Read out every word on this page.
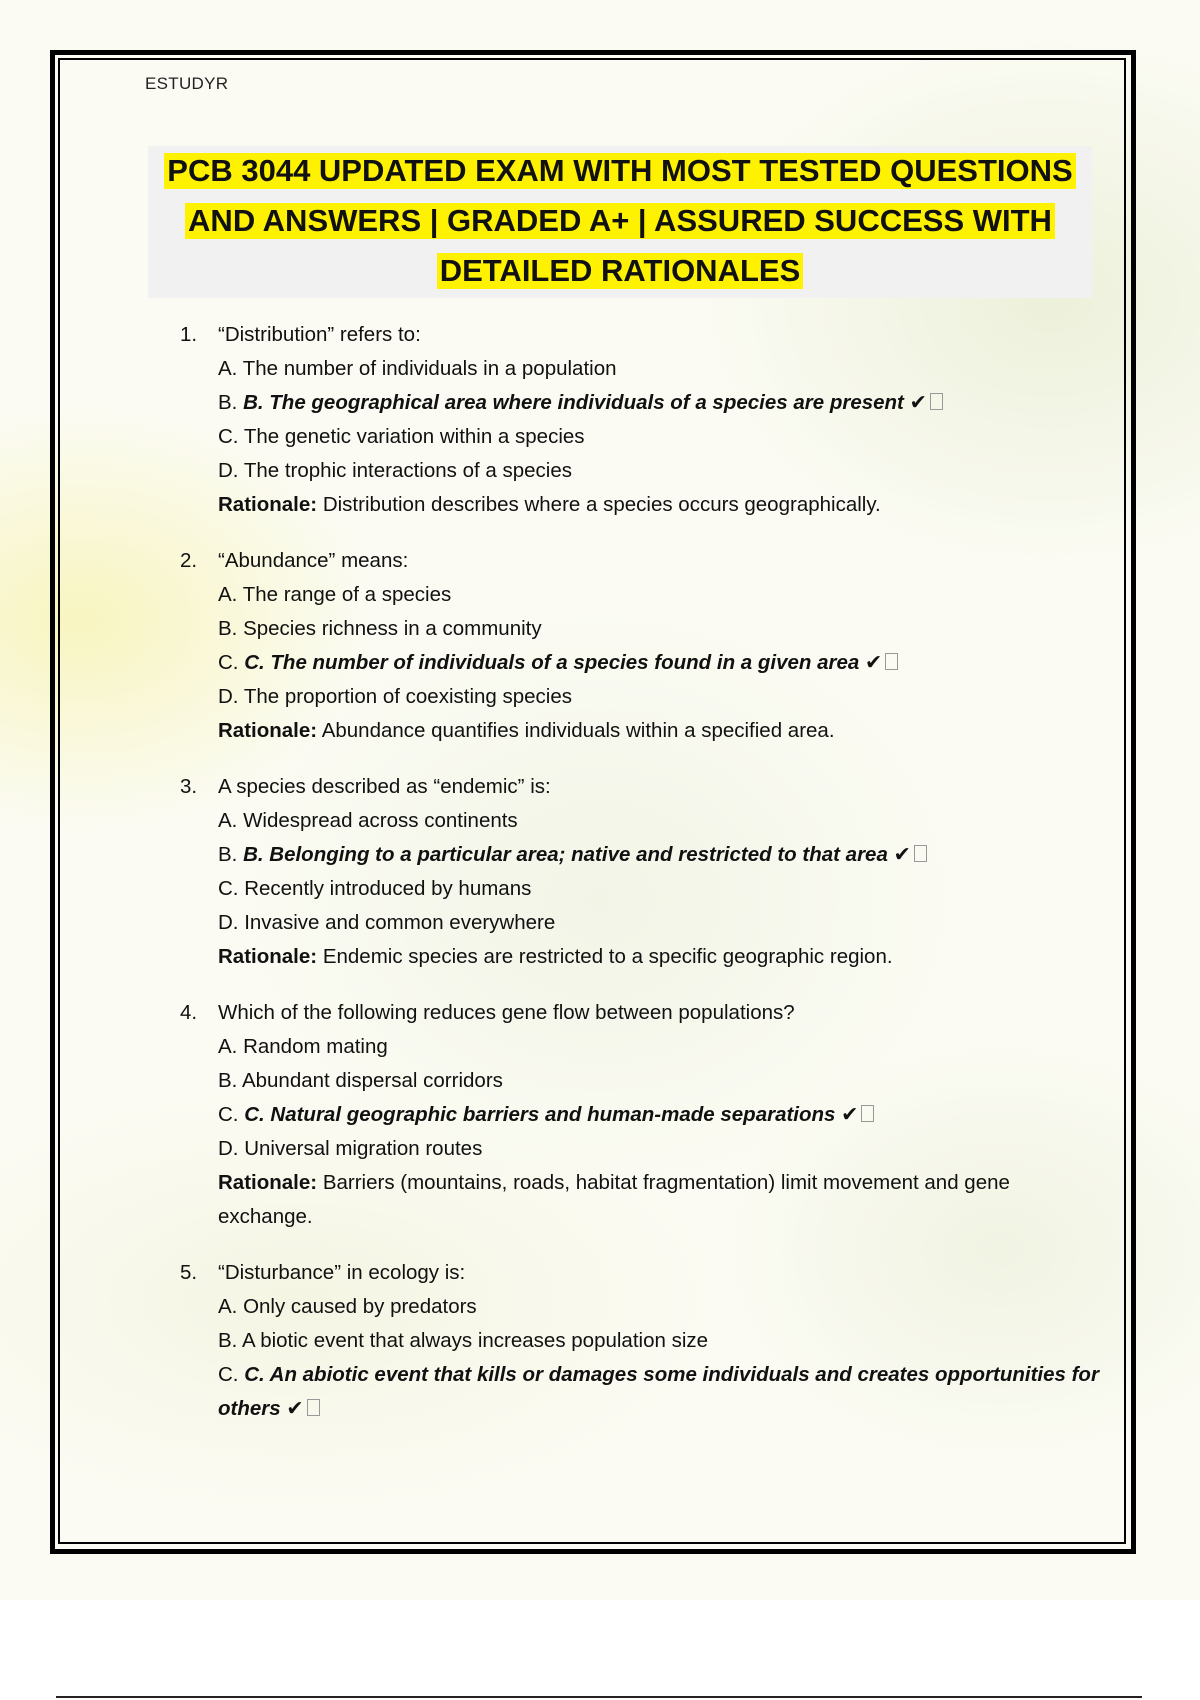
ESTUDYR
PCB 3044 UPDATED EXAM WITH MOST TESTED QUESTIONS
AND ANSWERS | GRADED A+ | ASSURED SUCCESS WITH
DETAILED RATIONALES
1. “Distribution” refers to:
A. The number of individuals in a population
B. B. The geographical area where individuals of a species are present ✔
C. The genetic variation within a species
D. The trophic interactions of a species
Rationale: Distribution describes where a species occurs geographically.
2. “Abundance” means:
A. The range of a species
B. Species richness in a community
C. C. The number of individuals of a species found in a given area ✔
D. The proportion of coexisting species
Rationale: Abundance quantifies individuals within a specified area.
3. A species described as “endemic” is:
A. Widespread across continents
B. B. Belonging to a particular area; native and restricted to that area ✔
C. Recently introduced by humans
D. Invasive and common everywhere
Rationale: Endemic species are restricted to a specific geographic region.
4. Which of the following reduces gene flow between populations?
A. Random mating
B. Abundant dispersal corridors
C. C. Natural geographic barriers and human-made separations ✔
D. Universal migration routes
Rationale: Barriers (mountains, roads, habitat fragmentation) limit movement and gene exchange.
5. “Disturbance” in ecology is:
A. Only caused by predators
B. A biotic event that always increases population size
C. C. An abiotic event that kills or damages some individuals and creates opportunities for others ✔
